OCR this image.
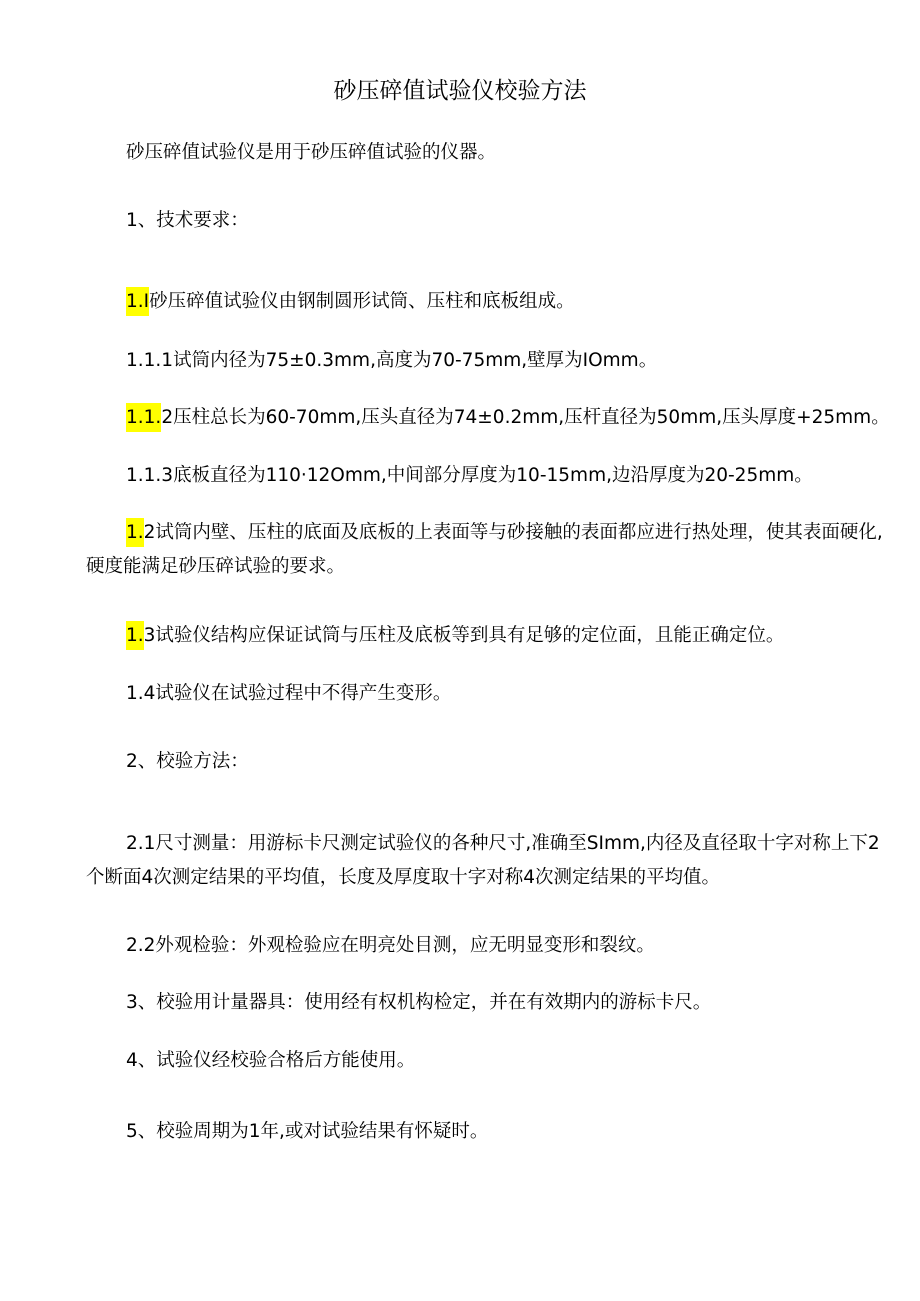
砂压碎值试验仪校验方法

砂压碎值试验仪是用于砂压碎值试验的仪器。

1、技术要求：

1.I砂压碎值试验仪由钢制圆形试筒、压柱和底板组成。

1.1.1试筒内径为75±0.3mm,高度为70-75mm,壁厚为IOmm。

1.1.2压柱总长为60-70mm,压头直径为74±0.2mm,压杆直径为50mm,压头厚度+25mm。

1.1.3底板直径为110·12Omm,中间部分厚度为10-15mm,边沿厚度为20-25mm。

1.2试筒内壁、压柱的底面及底板的上表面等与砂接触的表面都应进行热处理，使其表面硬化,硬度能满足砂压碎试验的要求。

1.3试验仪结构应保证试筒与压柱及底板等到具有足够的定位面，且能正确定位。

1.4试验仪在试验过程中不得产生变形。

2、校验方法：

2.1尺寸测量：用游标卡尺测定试验仪的各种尺寸,准确至SImm,内径及直径取十字对称上下2个断面4次测定结果的平均值，长度及厚度取十字对称4次测定结果的平均值。

2.2外观检验：外观检验应在明亮处目测，应无明显变形和裂纹。

3、校验用计量器具：使用经有权机构检定，并在有效期内的游标卡尺。

4、试验仪经校验合格后方能使用。

5、校验周期为1年,或对试验结果有怀疑时。
